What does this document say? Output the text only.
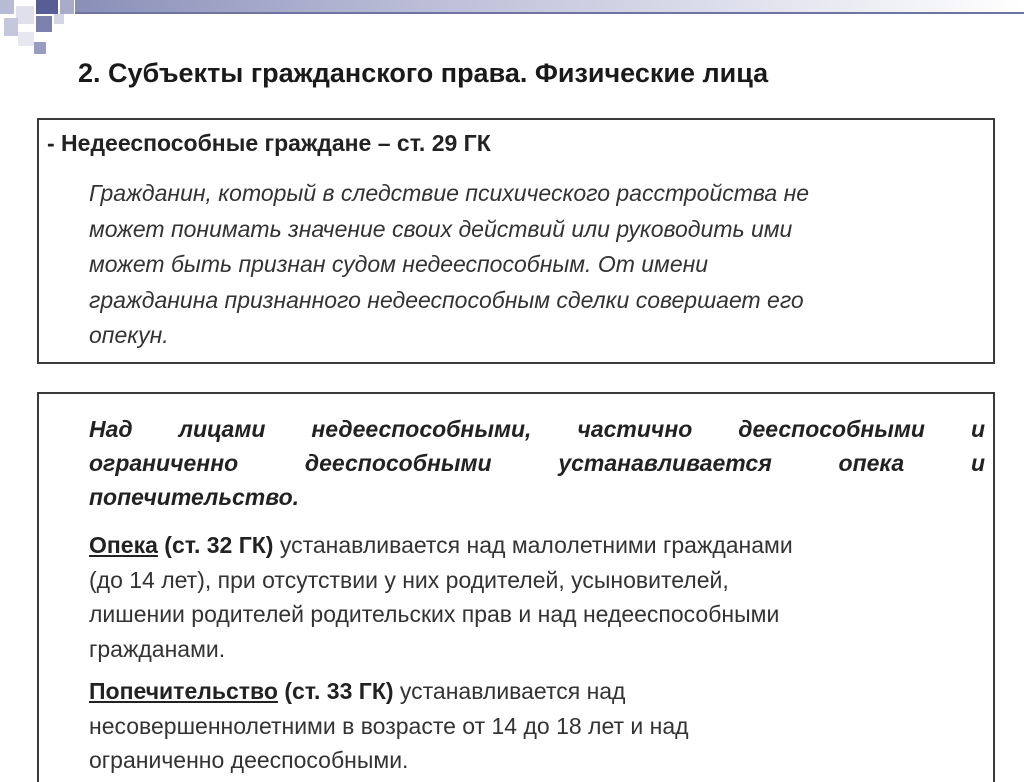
2. Субъекты гражданского права. Физические лица
- Недееспособные граждане – ст. 29 ГК
Гражданин, который в следствие психического расстройства не
может понимать значение своих действий или руководить ими
может быть признан судом недееспособным. От имени
гражданина признанного недееспособным сделки совершает его
опекун.
Над лицами недееспособными, частично дееспособными и
ограниченно дееспособными устанавливается опека и
попечительство.
Опека (ст. 32 ГК) устанавливается над малолетними гражданами
(до 14 лет), при отсутствии у них родителей, усыновителей,
лишении родителей родительских прав и над недееспособными
гражданами.
Попечительство (ст. 33 ГК) устанавливается над
несовершеннолетними в возрасте от 14 до 18 лет и над
ограниченно дееспособными.
